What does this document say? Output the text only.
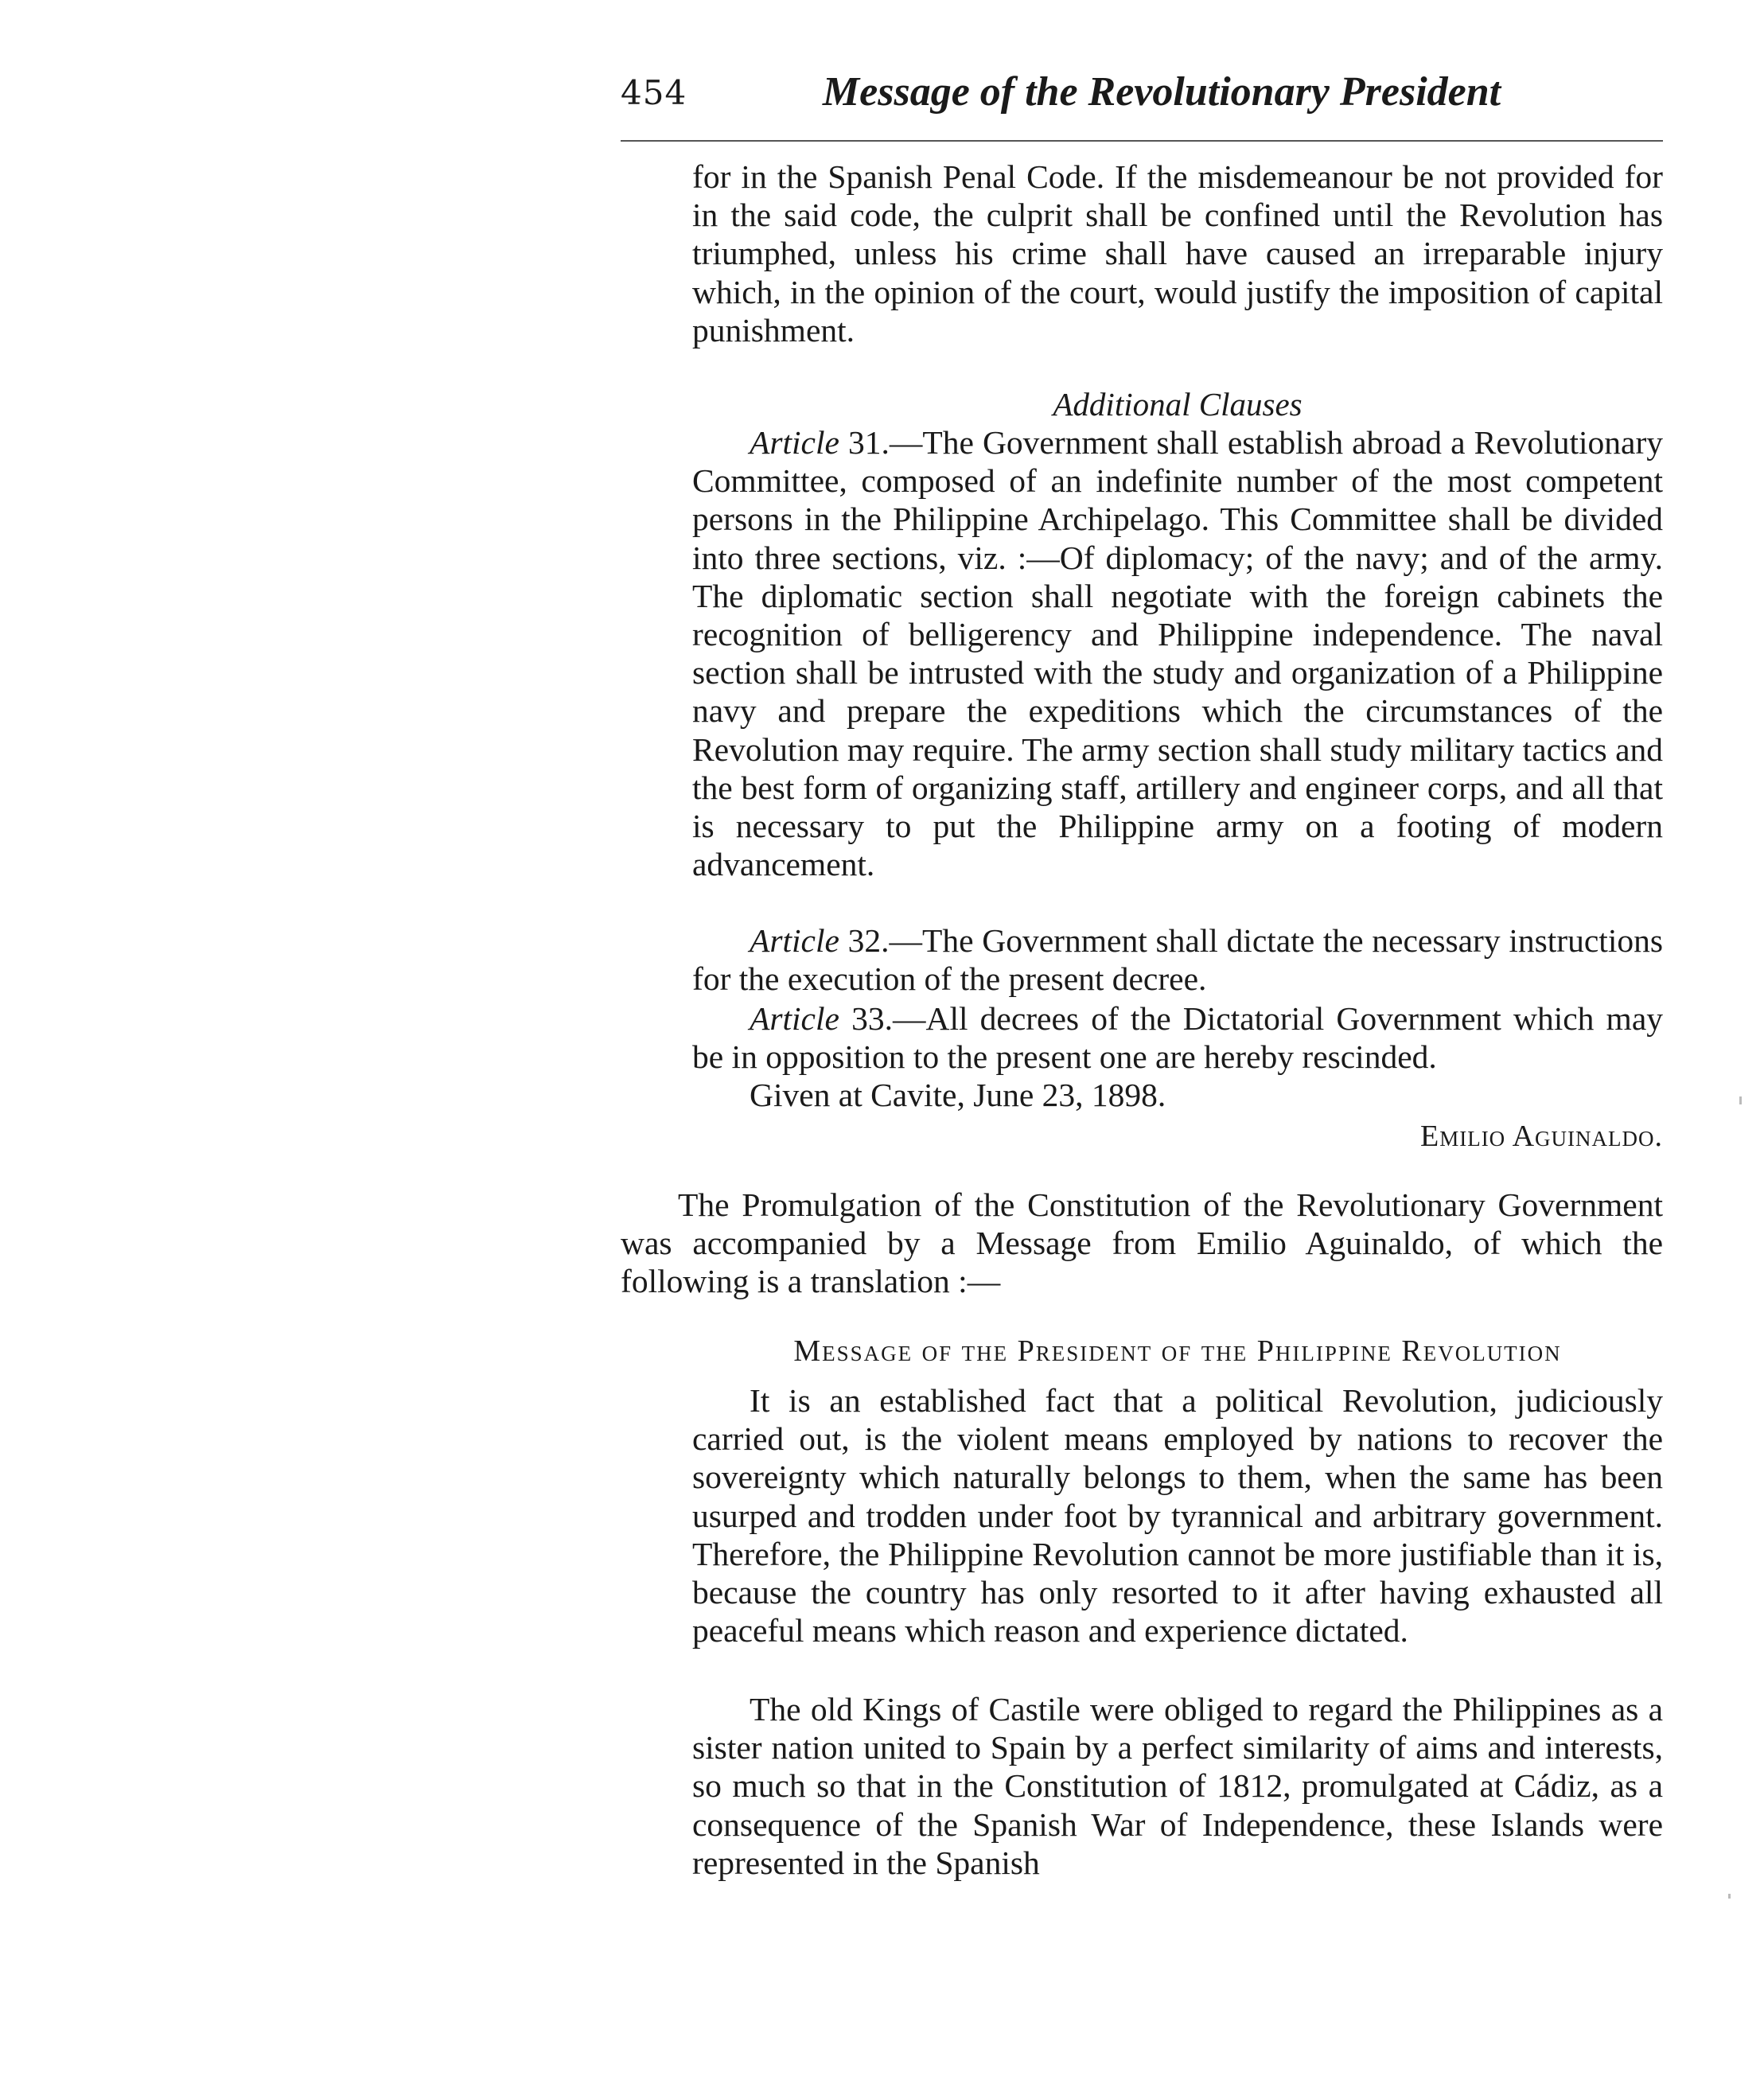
454	Message of the Revolutionary President

for in the Spanish Penal Code. If the misdemeanour be not provided for in the said code, the culprit shall be confined until the Revolution has triumphed, unless his crime shall have caused an irreparable injury which, in the opinion of the court, would justify the imposition of capital punishment.

Additional Clauses

Article 31.—The Government shall establish abroad a Revolutionary Committee, composed of an indefinite number of the most competent persons in the Philippine Archipelago. This Committee shall be divided into three sections, viz. :—Of diplomacy; of the navy; and of the army. The diplomatic section shall negotiate with the foreign cabinets the recognition of belligerency and Philippine independence. The naval section shall be intrusted with the study and organization of a Philippine navy and prepare the expeditions which the circumstances of the Revolution may require. The army section shall study military tactics and the best form of organizing staff, artillery and engineer corps, and all that is necessary to put the Philippine army on a footing of modern advancement.

Article 32.—The Government shall dictate the necessary instructions for the execution of the present decree.

Article 33.—All decrees of the Dictatorial Government which may be in opposition to the present one are hereby rescinded.

Given at Cavite, June 23, 1898.

Emilio Aguinaldo.

The Promulgation of the Constitution of the Revolutionary Government was accompanied by a Message from Emilio Aguinaldo, of which the following is a translation :—

Message of the President of the Philippine Revolution

It is an established fact that a political Revolution, judiciously carried out, is the violent means employed by nations to recover the sovereignty which naturally belongs to them, when the same has been usurped and trodden under foot by tyrannical and arbitrary government. Therefore, the Philippine Revolution cannot be more justifiable than it is, because the country has only resorted to it after having exhausted all peaceful means which reason and experience dictated.

The old Kings of Castile were obliged to regard the Philippines as a sister nation united to Spain by a perfect similarity of aims and interests, so much so that in the Constitution of 1812, promulgated at Cádiz, as a consequence of the Spanish War of Independence, these Islands were represented in the Spanish
